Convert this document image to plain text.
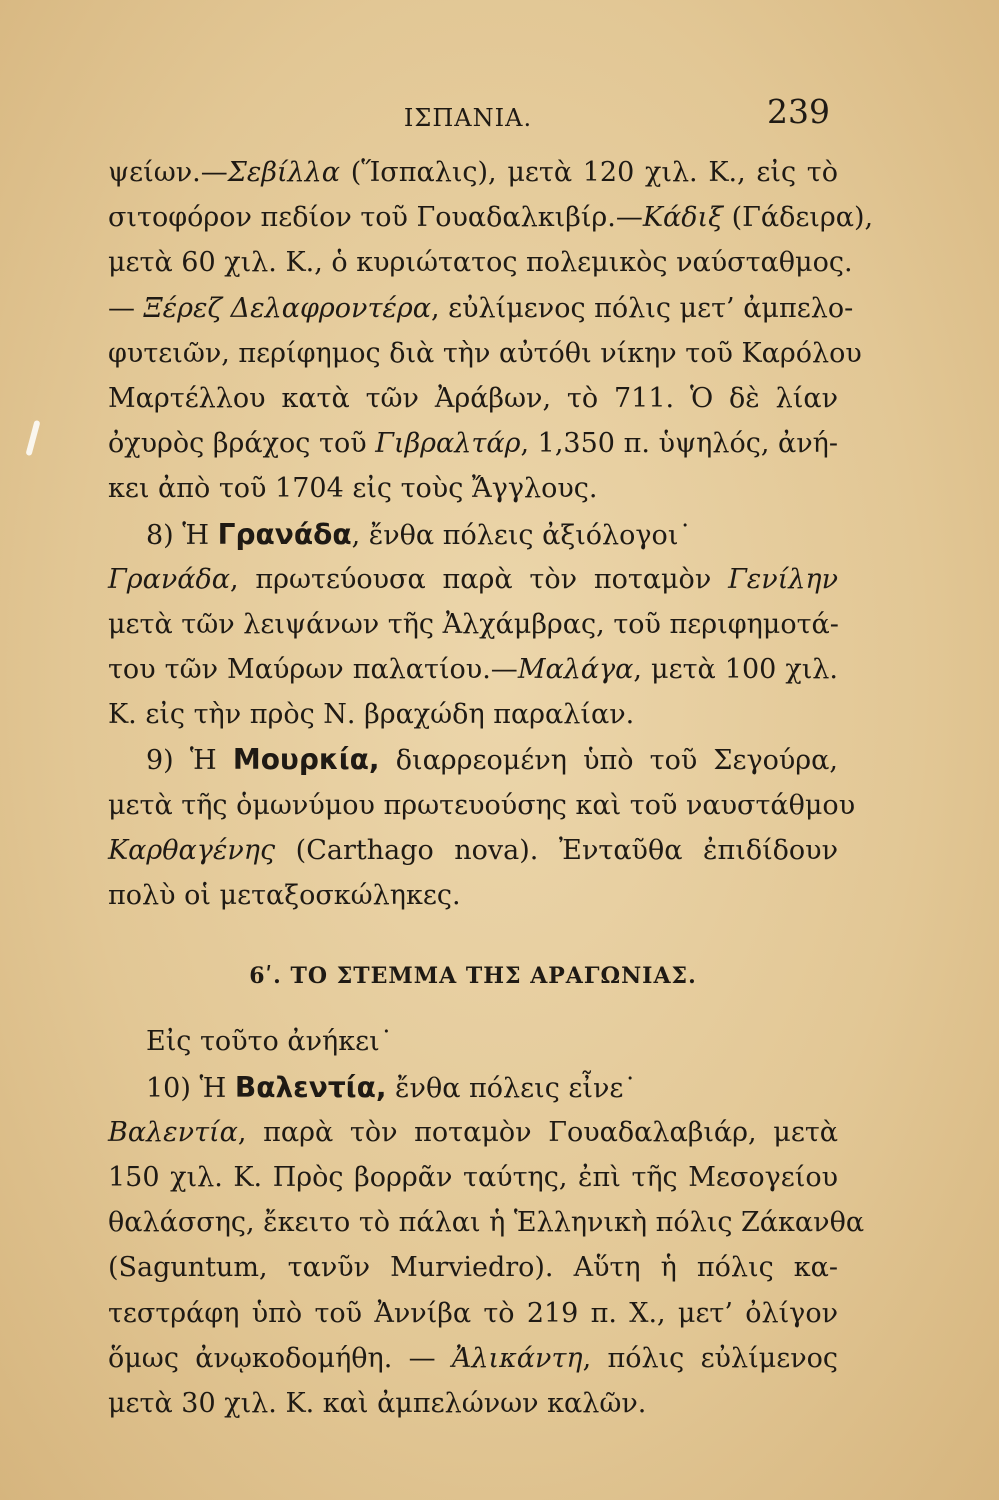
ΙΣΠΑΝΙΑ.	239
ψείων.—Σεβίλλα (Ἵσπαλις), μετὰ 120 χιλ. Κ., εἰς τὸ
σιτοφόρον πεδίον τοῦ Γουαδαλκιβίρ.—Κάδιξ (Γάδειρα),
μετὰ 60 χιλ. Κ., ὁ κυριώτατος πολεμικὸς ναύσταθμος.
— Ξέρεζ Δελαφροντέρα, εὐλίμενος πόλις μετ’ ἀμπελο-
φυτειῶν, περίφημος διὰ τὴν αὐτόθι νίκην τοῦ Καρόλου
Μαρτέλλου κατὰ τῶν Ἀράβων, τὸ 711. Ὁ δὲ λίαν
ὀχυρὸς βράχος τοῦ Γιβραλτάρ, 1,350 π. ὑψηλός, ἀνή-
κει ἀπὸ τοῦ 1704 εἰς τοὺς Ἄγγλους.
8) Ἡ Γρανάδα, ἔνθα πόλεις ἀξιόλογοι˙
Γρανάδα, πρωτεύουσα παρὰ τὸν ποταμὸν Γενίλην
μετὰ τῶν λειψάνων τῆς Ἀλχάμβρας, τοῦ περιφημοτά-
του τῶν Μαύρων παλατίου.—Μαλάγα, μετὰ 100 χιλ.
Κ. εἰς τὴν πρὸς Ν. βραχώδη παραλίαν.
9) Ἡ Μουρκία, διαρρεομένη ὑπὸ τοῦ Σεγούρα,
μετὰ τῆς ὁμωνύμου πρωτευούσης καὶ τοῦ ναυστάθμου
Καρθαγένης (Carthago nova). Ἐνταῦθα ἐπιδίδουν
πολὺ οἱ μεταξοσκώληκες.
6ʹ. ΤΟ ΣΤΕΜΜΑ ΤΗΣ ΑΡΑΓΩΝΙΑΣ.
Εἰς τοῦτο ἀνήκει˙
10) Ἡ Βαλεντία, ἔνθα πόλεις εἶνε˙
Βαλεντία, παρὰ τὸν ποταμὸν Γουαδαλαβιάρ, μετὰ
150 χιλ. Κ. Πρὸς βορρᾶν ταύτης, ἐπὶ τῆς Μεσογείου
θαλάσσης, ἔκειτο τὸ πάλαι ἡ Ἑλληνικὴ πόλις Ζάκανθα
(Saguntum, τανῦν Murviedro). Αὕτη ἡ πόλις κα-
τεστράφη ὑπὸ τοῦ Ἀννίβα τὸ 219 π. Χ., μετ’ ὀλίγον
ὅμως ἀνῳκοδομήθη. — Ἀλικάντη, πόλις εὐλίμενος
μετὰ 30 χιλ. Κ. καὶ ἀμπελώνων καλῶν.
